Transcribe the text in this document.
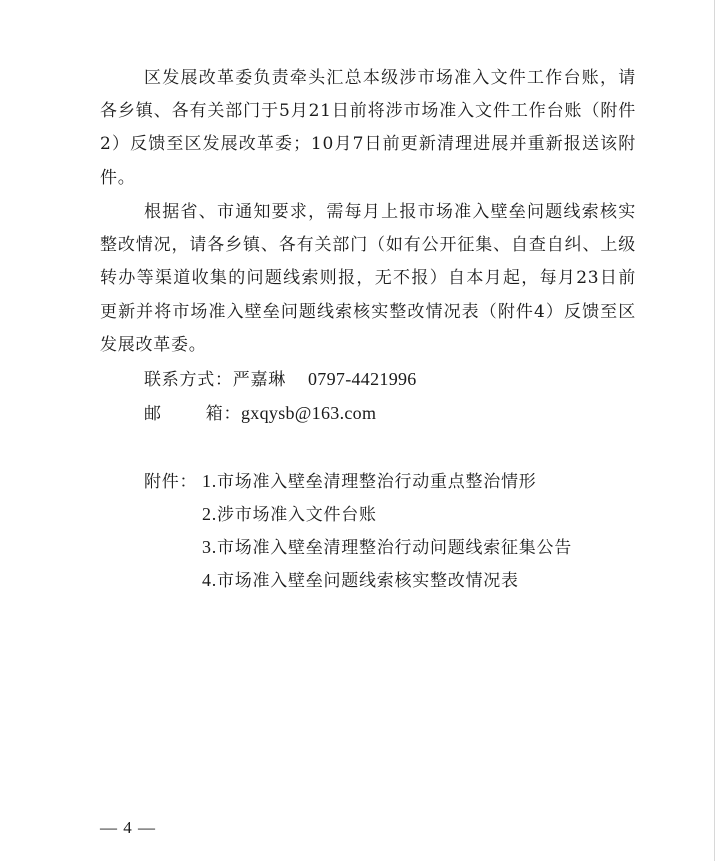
区发展改革委负责牵头汇总本级涉市场准入文件工作台账，请各乡镇、各有关部门于5月21日前将涉市场准入文件工作台账（附件2）反馈至区发展改革委；10月7日前更新清理进展并重新报送该附件。

根据省、市通知要求，需每月上报市场准入壁垒问题线索核实整改情况，请各乡镇、各有关部门（如有公开征集、自查自纠、上级转办等渠道收集的问题线索则报，无不报）自本月起，每月23日前更新并将市场准入壁垒问题线索核实整改情况表（附件4）反馈至区发展改革委。

联系方式：严嘉琳 0797-4421996
邮	箱：gxqysb@163.com
附件： 1.市场准入壁垒清理整治行动重点整治情形
2.涉市场准入文件台账
3.市场准入壁垒清理整治行动问题线索征集公告
4.市场准入壁垒问题线索核实整改情况表
— 4 —
